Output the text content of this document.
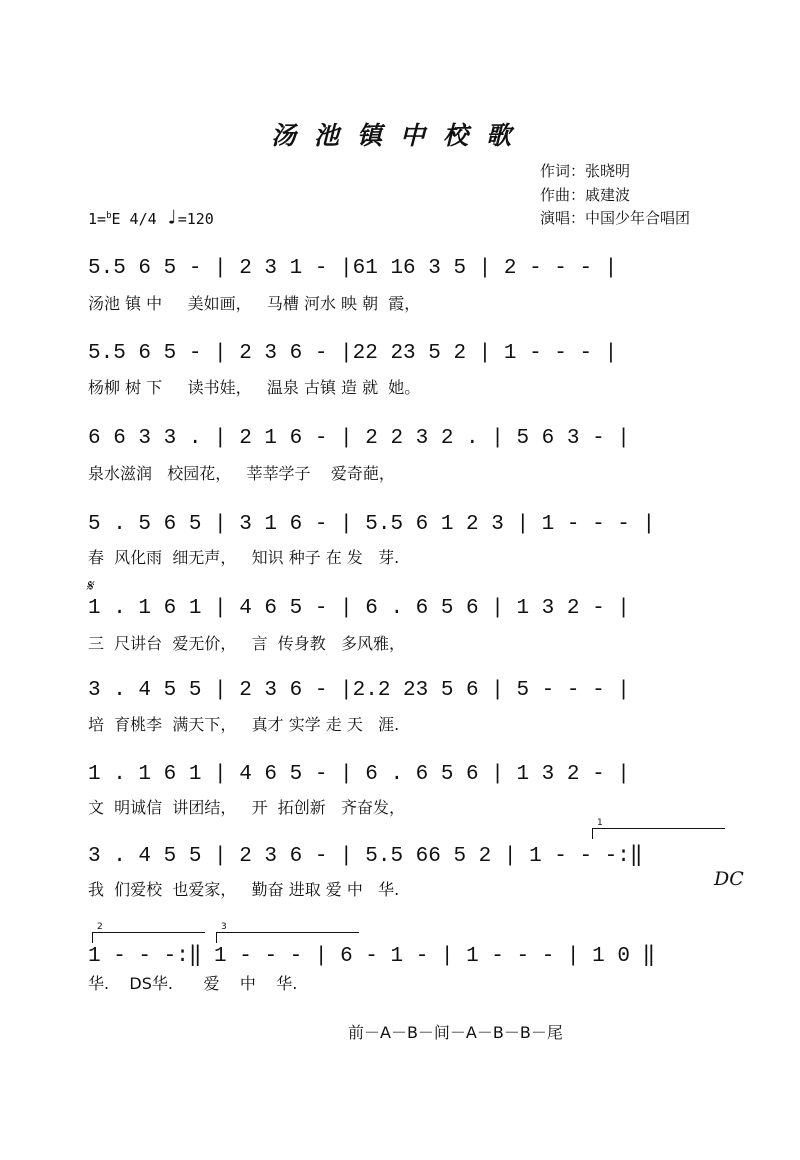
汤池镇中校歌
作词：张晓明
作曲：戚建波
演唱：中国少年合唱团
1=$^b$E 4/4 ♩=120
5.5 6 5 - | 2 3 1 - |61 16 3 5 | 2 - - - |
汤池 镇 中     美如画，   马槽 河水 映 朝  霞，
5.5 6 5 - | 2 3 6 - |22 23 5 2 | 1 - - - |
杨柳 树 下     读书娃，   温泉 古镇 造 就  她。
6 6 3 3 . | 2 1 6 - | 2 2 3 2 . | 5 6 3 - |
泉水滋润   校园花，   莘莘学子    爱奇葩，
5 . 5 6 5 | 3 1 6 - | 5.5 6 1 2 3 | 1 - - - |
春  风化雨  细无声，   知识 种子 在 发   芽.
𝄋
1 . 1 6 1 | 4 6 5 - | 6 . 6 5 6 | 1 3 2 - |
三  尺讲台  爱无价，   言  传身教   多风雅，
3 . 4 5 5 | 2 3 6 - |2.2 23 5 6 | 5 - - - |
培  育桃李  满天下，   真才 实学 走 天   涯.
1 . 1 6 1 | 4 6 5 - | 6 . 6 5 6 | 1 3 2 - |
文  明诚信  讲团结，   开  拓创新   齐奋发，
1
3 . 4 5 5 | 2 3 6 - | 5.5 66 5 2 | 1 - - -:‖
我  们爱校  也爱家，   勤奋 进取 爱 中   华.	DC
2	3
1 - - -:‖ 1 - - - | 6 - 1 - | 1 - - - | 1 0 ‖
华.    DS华.      爱    中    华.
前－A－B－间－A－B－B－尾
